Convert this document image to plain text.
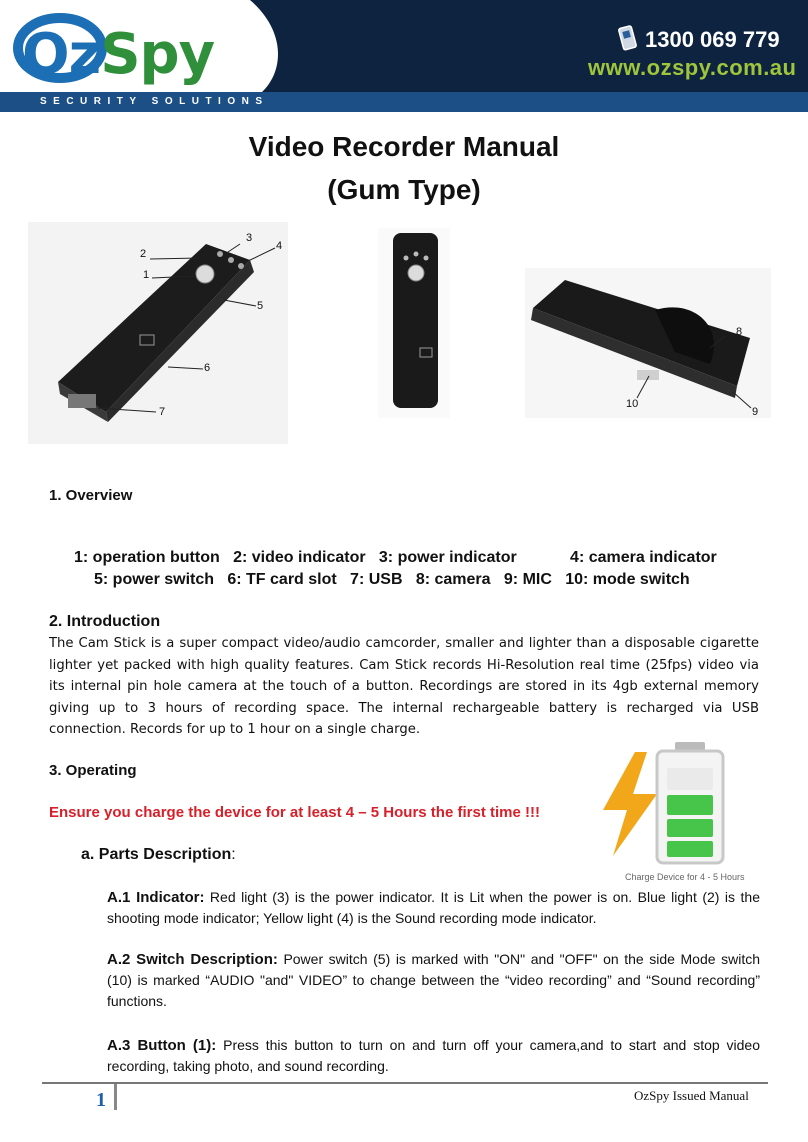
OzSpy
SECURITY SOLUTIONS
1300 069 779
www.ozspy.com.au
Video Recorder Manual
(Gum Type)
2
3
4
1
5
6
7
8
10
9
1. Overview
1: operation button   2: video indicator   3: power indicator            4: camera indicator
5: power switch   6: TF card slot   7: USB   8: camera   9: MIC   10: mode switch
2. Introduction
The Cam Stick is a super compact video/audio camcorder, smaller and lighter than a disposable cigarette lighter yet packed with high quality features. Cam Stick records Hi-Resolution real time (25fps) video via its internal pin hole camera at the touch of a button. Recordings are stored in its 4gb external memory giving up to 3 hours of recording space. The internal rechargeable battery is recharged via USB connection. Records for up to 1 hour on a single charge.
3. Operating
Ensure you charge the device for at least 4 – 5 Hours the first time !!!
Charge Device for 4 - 5 Hours
a. Parts Description:
A.1 Indicator: Red light (3) is the power indicator. It is Lit when the power is on. Blue light (2) is the shooting mode indicator; Yellow light (4) is the Sound recording mode indicator.
A.2 Switch Description: Power switch (5) is marked with "ON" and "OFF" on the side Mode switch (10) is marked “AUDIO "and" VIDEO” to change between the “video recording” and “Sound recording” functions.
A.3 Button (1): Press this button to turn on and turn off your camera,and to start and stop video recording, taking photo, and sound recording.
1	OzSpy Issued Manual
